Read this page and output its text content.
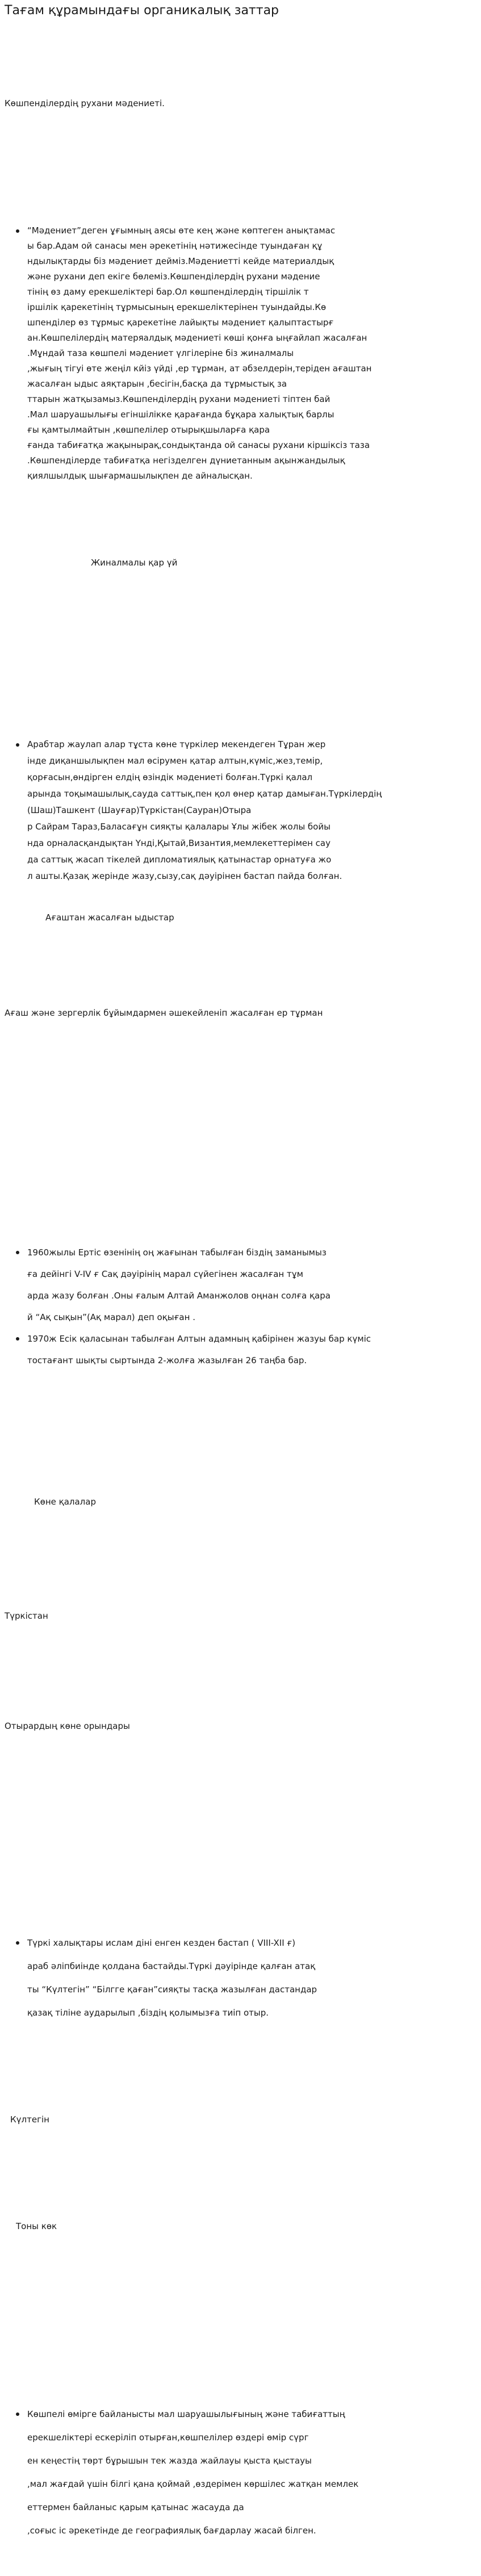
Тағам құрамындағы органикалық заттар
Көшпенділердің рухани мәдениеті.
“Мәдениет”деген ұғымның аясы өте кең және көптеген анықтамас
ы бар.Адам ой санасы мен әрекетінің нәтижесінде туындаған құ
ндылықтарды біз мәдениет дейміз.Мәдениетті кейде материалдық
және рухани деп екіге бөлеміз.Көшпенділердің рухани мәдение
тінің өз даму ерекшеліктері бар.Ол көшпенділердің тіршілік т
іршілік қарекетінің тұрмысының ерекшеліктерінен туындайды.Кө
шпенділер өз тұрмыс қарекетіне лайықты мәдениет қалыптастырғ
ан.Көшпелілердің матеряалдық мәдениеті көші қонға ыңғайлап жасалған
.Мұндай таза көшпелі мәдениет үлгілеріне біз жиналмалы
,жығың тігуі өте жеңіл кйіз үйді ,ер тұрман, ат әбзелдерін,теріден ағаштан
жасалған ыдыс аяқтарын ,бесігін,басқа да тұрмыстық за
ттарын жатқызамыз.Көшпенділердің рухани мәдениеті тіптен бай
.Мал шаруашылығы егіншілікке қарағанда бұқара халықтық барлы
ғы қамтылмайтын ,көшпелілер отырықшыларға қара
ғанда табиғатқа жақынырақ,сондықтанда ой санасы рухани кіршіксіз таза
.Көшпенділерде табиғатқа негізделген дүниетанным ақынжандылық
қиялшылдық шығармашылықпен де айналысқан.
Жиналмалы қар үй
Арабтар жаулап алар тұста көне түркілер мекендеген Тұран жер
інде диқаншылықпен мал өсірумен қатар алтын,күміс,жез,темір,
қорғасын,өндірген елдің өзіндік мәдениеті болған.Түркі қалал
арында тоқымашылық,сауда саттық,пен қол өнер қатар дамыған.Түркілердің
(Шаш)Ташкент (Шауғар)Түркістан(Сауран)Отыра
р Сайрам Тараз,Баласағұн сияқты қалалары Ұлы жібек жолы бойы
нда орналасқандықтан Үнді,Қытай,Византия,мемлекеттерімен сау
да саттық жасап тікелей дипломатиялық қатынастар орнатуға жо
л ашты.Қазақ жерінде жазу,сызу,сақ дәуірінен бастап пайда болған.
Ағаштан жасалған ыдыстар
Ағаш және зергерлік бұйымдармен әшекейленіп жасалған ер тұрман
1960жылы Ертіс өзенінің оң жағынан табылған біздің заманымыз
ға дейінгі V-IV ғ Сақ дәуірінің марал сүйегінен жасалған тұм
арда жазу болған .Оны ғалым Алтай Аманжолов оңнан солға қара
й “Ақ сықын”(Ақ марал) деп оқыған .
1970ж Есік қаласынан табылған Алтын адамның қабірінен жазуы бар күміс
тостағант шықты сыртында 2-жолға жазылған 26 таңба бар.
Көне қалалар
Түркістан
Отырардың көне орындары
Түркі халықтары ислам діні енген кезден бастап ( VIII-XII ғ)
араб әліпбиінде қолдана бастайды.Түркі дәуірінде қалған атақ
ты “Күлтегін” “Білгге қаған”сияқты тасқа жазылған дастандар
қазақ тіліне аударылып ,біздің қолымызға тиіп отыр.
Күлтегін
Тоны көк
Көшпелі өмірге байланысты мал шаруашылығының және табиғаттың
ерекшеліктері ескеріліп отырған,көшпелілер өздері өмір сүрг
ен кеңестің төрт бұрышын тек жазда жайлауы қыста қыстауы
,мал жағдай үшін білгі қана қоймай ,өздерімен көршілес жатқан мемлек
еттермен байланыс қарым қатынас жасауда да
,соғыс іс әрекетінде де географиялық бағдарлау жасай білген.
